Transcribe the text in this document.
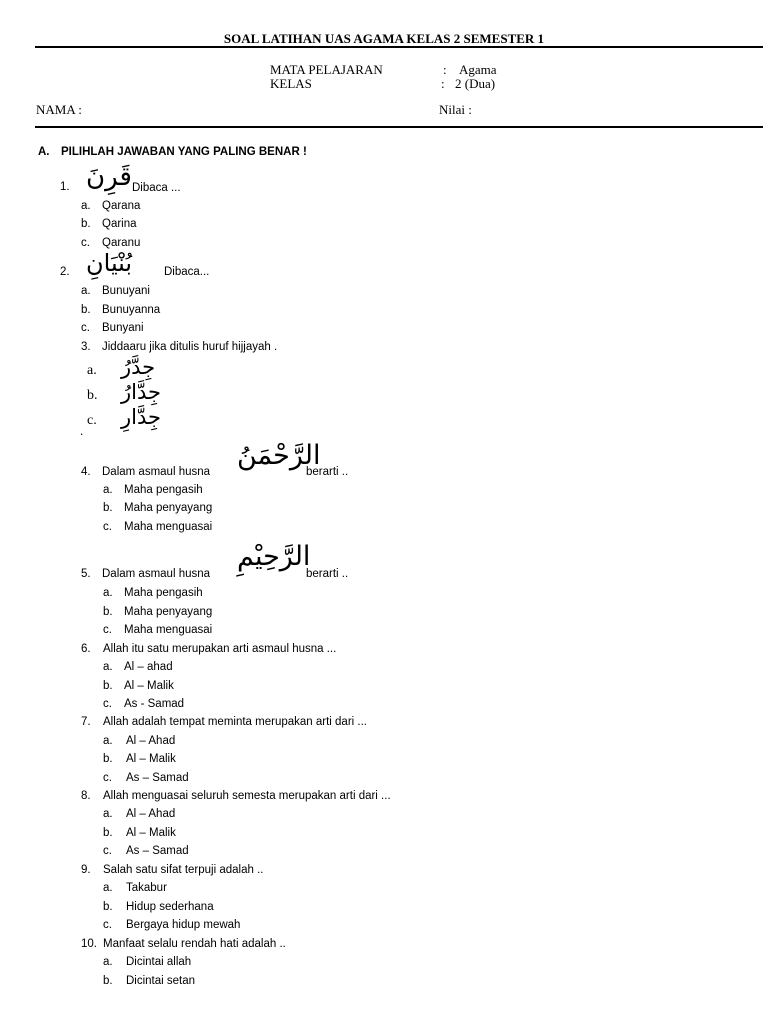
SOAL LATIHAN UAS AGAMA KELAS 2 SEMESTER 1
MATA PELAJARAN	: Agama
KELAS	: 2 (Dua)
NAMA :	Nilai :
A. PILIHLAH JAWABAN YANG PALING BENAR !
1. قَرِنَ Dibaca ...
a. Qarana
b. Qarina
c. Qaranu
2. بُنْيَانِ	Dibaca...
a. Bunuyani
b. Bunuyanna
c. Bunyani
3. Jiddaaru jika ditulis huruf hijjayah .
a. جِدَّرُ
b. جِدَّارُ
c. جِدَّارِ
.
4. Dalam asmaul husna
الرَّحْمَنُ
berarti ..
a. Maha pengasih
b. Maha penyayang
c. Maha menguasai
5. Dalam asmaul husna
الرَّحِيْمِ
berarti ..
a. Maha pengasih
b. Maha penyayang
c. Maha menguasai
6. Allah itu satu merupakan arti asmaul husna ...
a. Al – ahad
b. Al – Malik
c. As - Samad
7. Allah adalah tempat meminta merupakan arti dari ...
a. Al – Ahad
b. Al – Malik
c. As – Samad
8. Allah menguasai seluruh semesta merupakan arti dari ...
a. Al – Ahad
b. Al – Malik
c. As – Samad
9. Salah satu sifat terpuji adalah ..
a. Takabur
b. Hidup sederhana
c. Bergaya hidup mewah
10. Manfaat selalu rendah hati adalah ..
a. Dicintai allah
b. Dicintai setan
